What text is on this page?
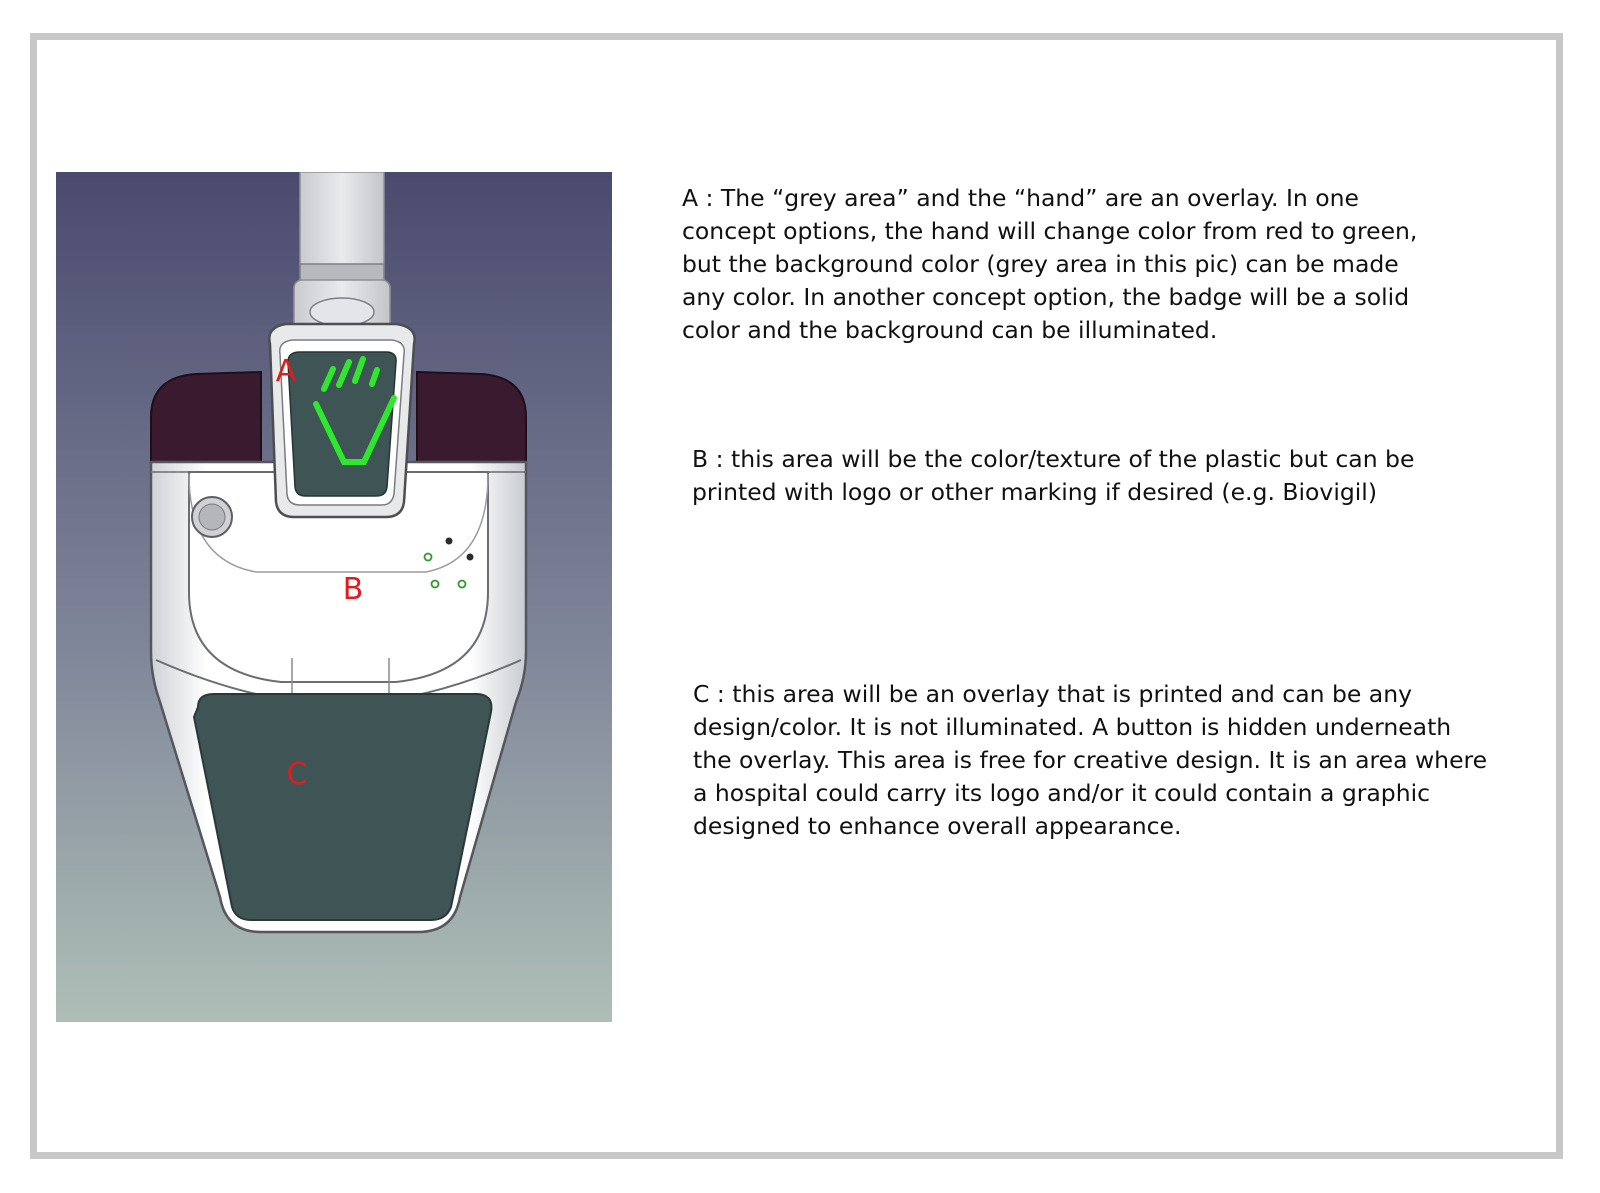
A
B
C

A : The “grey area” and the “hand” are an overlay. In one concept options, the hand will change color from red to green, but the background color (grey area in this pic) can be made any color. In another concept option, the badge will be a solid color and the background can be illuminated.

B : this area will be the color/texture of the plastic but can be printed with logo or other marking if desired (e.g. Biovigil)

C : this area will be an overlay that is printed and can be any design/color. It is not illuminated. A button is hidden underneath the overlay. This area is free for creative design. It is an area where a hospital could carry its logo and/or it could contain a graphic designed to enhance overall appearance.
